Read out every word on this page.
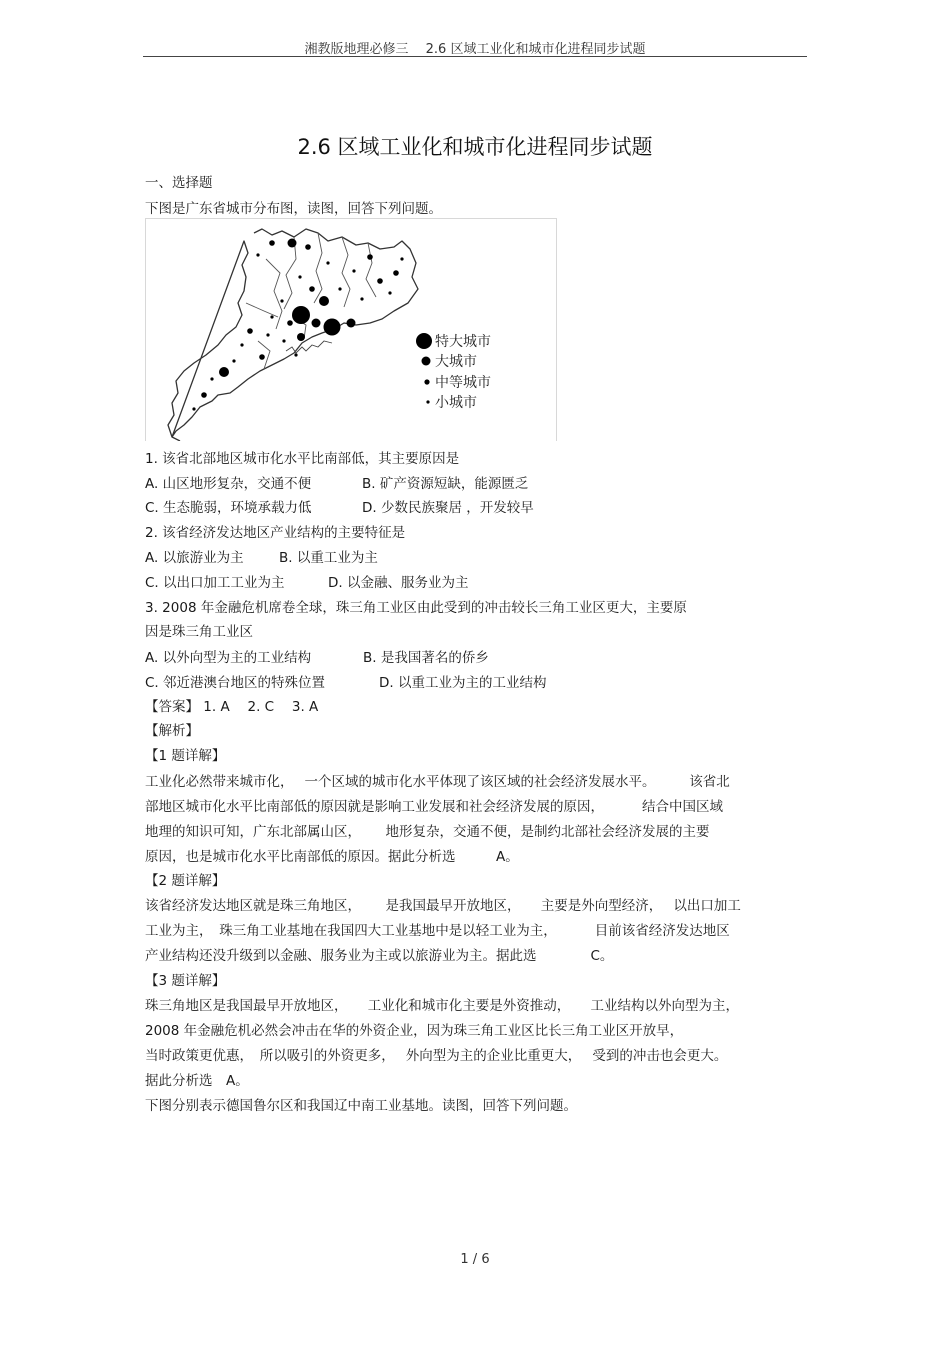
湘教版地理必修三　 2.6 区域工业化和城市化进程同步试题
2.6 区域工业化和城市化进程同步试题
一、选择题
下图是广东省城市分布图，读图，回答下列问题。
特大城市
大城市
中等城市
小城市
1. 该省北部地区城市化水平比南部低，其主要原因是
A. 山区地形复杂，交通不便	B. 矿产资源短缺，能源匮乏
C. 生态脆弱，环境承载力低	D. 少数民族聚居 ，开发较早
2. 该省经济发达地区产业结构的主要特征是
A. 以旅游业为主	B. 以重工业为主
C. 以出口加工工业为主	D. 以金融、服务业为主
3. 2008 年金融危机席卷全球，珠三角工业区由此受到的冲击较长三角工业区更大，主要原
因是珠三角工业区
A. 以外向型为主的工业结构	B. 是我国著名的侨乡
C. 邻近港澳台地区的特殊位置	D. 以重工业为主的工业结构
【答案】 1. A　 2. C　 3. A
【解析】
【1 题详解】
工业化必然带来城市化，　 一个区域的城市化水平体现了该区域的社会经济发展水平。　　　该省北
部地区城市化水平比南部低的原因就是影响工业发展和社会经济发展的原因，　　　 结合中国区域
地理的知识可知，广东北部属山区，　　 地形复杂，交通不便，是制约北部社会经济发展的主要
原因，也是城市化水平比南部低的原因。据此分析选　　　A。
【2 题详解】
该省经济发达地区就是珠三角地区，　　 是我国最早开放地区，　　主要是外向型经济，　 以出口加工
工业为主，　珠三角工业基地在我国四大工业基地中是以轻工业为主，　　　 目前该省经济发达地区
产业结构还没升级到以金融、服务业为主或以旅游业为主。据此选　　　　C。
【3 题详解】
珠三角地区是我国最早开放地区，　　工业化和城市化主要是外资推动，　　工业结构以外向型为主，
2008 年金融危机必然会冲击在华的外资企业，因为珠三角工业区比长三角工业区开放早，
当时政策更优惠，　所以吸引的外资更多，　 外向型为主的企业比重更大，　 受到的冲击也会更大。
据此分析选　A。
下图分别表示德国鲁尔区和我国辽中南工业基地。读图，回答下列问题。
1 / 6
